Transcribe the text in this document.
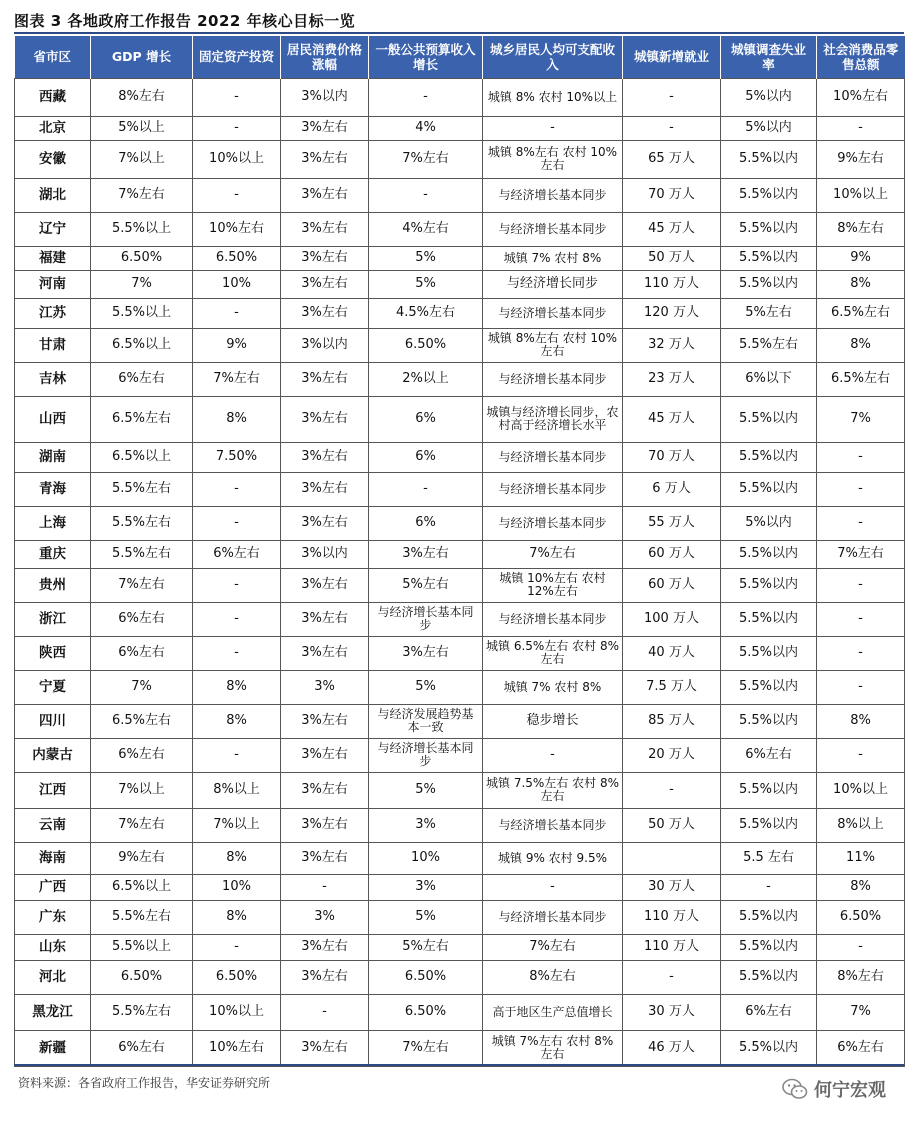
图表 3 各地政府工作报告 2022 年核心目标一览
省市区	GDP 增长	固定资产投资	居民消费价格涨幅	一般公共预算收入增长	城乡居民人均可支配收入	城镇新增就业	城镇调查失业率	社会消费品零售总额
西藏	8%左右	-	3%以内	-	城镇 8% 农村 10%以上	-	5%以内	10%左右
北京	5%以上	-	3%左右	4%	-	-	5%以内	-
安徽	7%以上	10%以上	3%左右	7%左右	城镇 8%左右 农村 10%左右	65 万人	5.5%以内	9%左右
湖北	7%左右	-	3%左右	-	与经济增长基本同步	70 万人	5.5%以内	10%以上
辽宁	5.5%以上	10%左右	3%左右	4%左右	与经济增长基本同步	45 万人	5.5%以内	8%左右
福建	6.50%	6.50%	3%左右	5%	城镇 7% 农村 8%	50 万人	5.5%以内	9%
河南	7%	10%	3%左右	5%	与经济增长同步	110 万人	5.5%以内	8%
江苏	5.5%以上	-	3%左右	4.5%左右	与经济增长基本同步	120 万人	5%左右	6.5%左右
甘肃	6.5%以上	9%	3%以内	6.50%	城镇 8%左右 农村 10%左右	32 万人	5.5%左右	8%
吉林	6%左右	7%左右	3%左右	2%以上	与经济增长基本同步	23 万人	6%以下	6.5%左右
山西	6.5%左右	8%	3%左右	6%	城镇与经济增长同步，农村高于经济增长水平	45 万人	5.5%以内	7%
湖南	6.5%以上	7.50%	3%左右	6%	与经济增长基本同步	70 万人	5.5%以内	-
青海	5.5%左右	-	3%左右	-	与经济增长基本同步	6 万人	5.5%以内	-
上海	5.5%左右	-	3%左右	6%	与经济增长基本同步	55 万人	5%以内	-
重庆	5.5%左右	6%左右	3%以内	3%左右	7%左右	60 万人	5.5%以内	7%左右
贵州	7%左右	-	3%左右	5%左右	城镇 10%左右 农村 12%左右	60 万人	5.5%以内	-
浙江	6%左右	-	3%左右	与经济增长基本同步	与经济增长基本同步	100 万人	5.5%以内	-
陕西	6%左右	-	3%左右	3%左右	城镇 6.5%左右 农村 8%左右	40 万人	5.5%以内	-
宁夏	7%	8%	3%	5%	城镇 7% 农村 8%	7.5 万人	5.5%以内	-
四川	6.5%左右	8%	3%左右	与经济发展趋势基本一致	稳步增长	85 万人	5.5%以内	8%
内蒙古	6%左右	-	3%左右	与经济增长基本同步	-	20 万人	6%左右	-
江西	7%以上	8%以上	3%左右	5%	城镇 7.5%左右 农村 8%左右	-	5.5%以内	10%以上
云南	7%左右	7%以上	3%左右	3%	与经济增长基本同步	50 万人	5.5%以内	8%以上
海南	9%左右	8%	3%左右	10%	城镇 9% 农村 9.5%		5.5 左右	11%
广西	6.5%以上	10%	-	3%	-	30 万人	-	8%
广东	5.5%左右	8%	3%	5%	与经济增长基本同步	110 万人	5.5%以内	6.50%
山东	5.5%以上	-	3%左右	5%左右	7%左右	110 万人	5.5%以内	-
河北	6.50%	6.50%	3%左右	6.50%	8%左右	-	5.5%以内	8%左右
黑龙江	5.5%左右	10%以上	-	6.50%	高于地区生产总值增长	30 万人	6%左右	7%
新疆	6%左右	10%左右	3%左右	7%左右	城镇 7%左右 农村 8%左右	46 万人	5.5%以内	6%左右
资料来源：各省政府工作报告，华安证券研究所	何宁宏观
